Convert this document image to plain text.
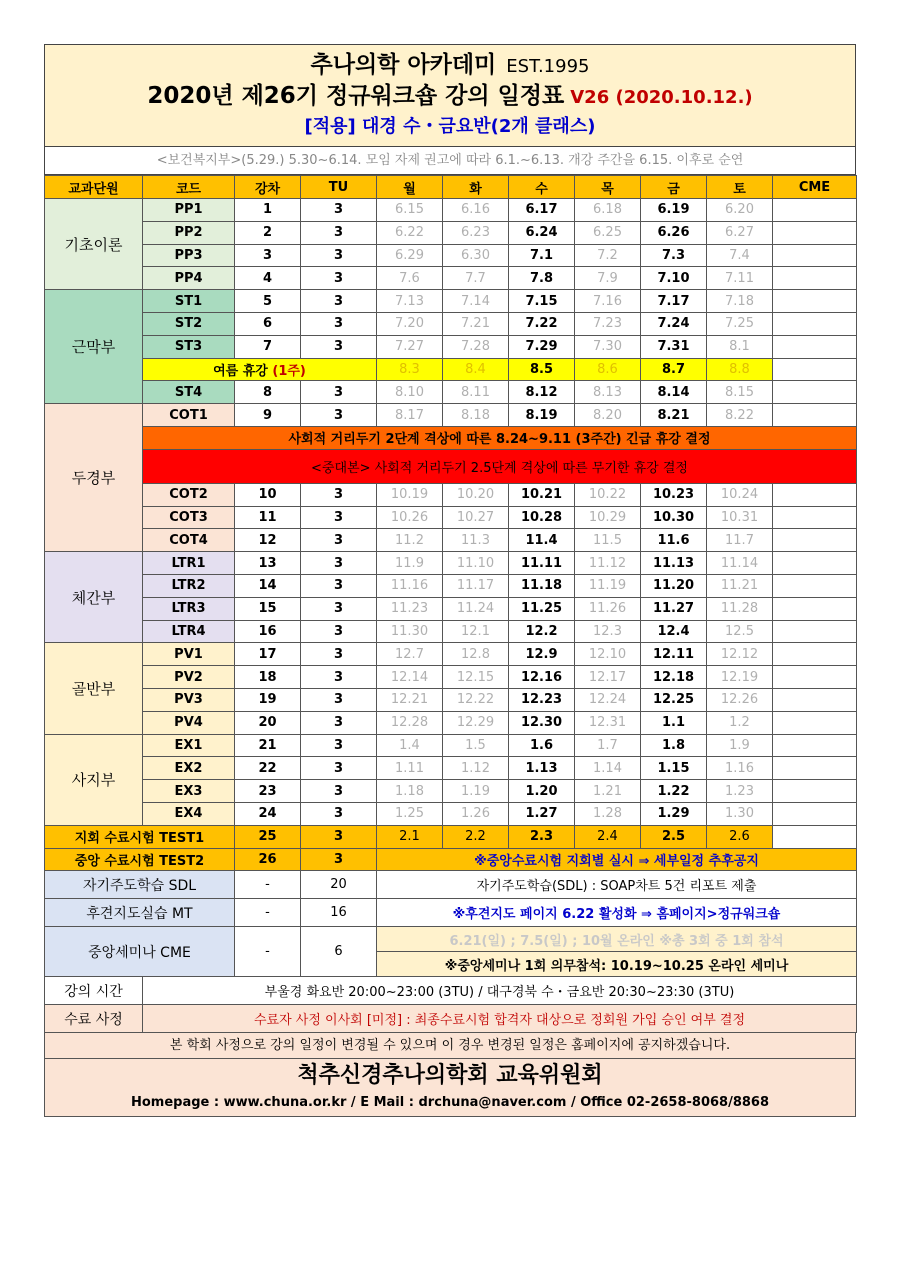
추나의학 아카데미 EST.1995
2020년 제26기 정규워크숍 강의 일정표 V26 (2020.10.12.)
[적용] 대경 수・금요반(2개 클래스)
<보건복지부>(5.29.) 5.30~6.14. 모임 자제 권고에 따라 6.1.~6.13. 개강 주간을 6.15. 이후로 순연
교과단원	코드	강차	TU	월	화	수	목	금	토	CME
기초이론	PP1	1	3	6.15	6.16	6.17	6.18	6.19	6.20	
	PP2	2	3	6.22	6.23	6.24	6.25	6.26	6.27	
	PP3	3	3	6.29	6.30	7.1	7.2	7.3	7.4	
	PP4	4	3	7.6	7.7	7.8	7.9	7.10	7.11	
근막부	ST1	5	3	7.13	7.14	7.15	7.16	7.17	7.18	
	ST2	6	3	7.20	7.21	7.22	7.23	7.24	7.25	
	ST3	7	3	7.27	7.28	7.29	7.30	7.31	8.1	
	여름 휴강 (1주)			8.3	8.4	8.5	8.6	8.7	8.8	
	ST4	8	3	8.10	8.11	8.12	8.13	8.14	8.15	
두경부	COT1	9	3	8.17	8.18	8.19	8.20	8.21	8.22	
	사회적 거리두기 2단계 격상에 따른 8.24~9.11 (3주간) 긴급 휴강 결정									
	<중대본> 사회적 거리두기 2.5단계 격상에 따른 무기한 휴강 결정									
	COT2	10	3	10.19	10.20	10.21	10.22	10.23	10.24	
	COT3	11	3	10.26	10.27	10.28	10.29	10.30	10.31	
	COT4	12	3	11.2	11.3	11.4	11.5	11.6	11.7	
체간부	LTR1	13	3	11.9	11.10	11.11	11.12	11.13	11.14	
	LTR2	14	3	11.16	11.17	11.18	11.19	11.20	11.21	
	LTR3	15	3	11.23	11.24	11.25	11.26	11.27	11.28	
	LTR4	16	3	11.30	12.1	12.2	12.3	12.4	12.5	
골반부	PV1	17	3	12.7	12.8	12.9	12.10	12.11	12.12	
	PV2	18	3	12.14	12.15	12.16	12.17	12.18	12.19	
	PV3	19	3	12.21	12.22	12.23	12.24	12.25	12.26	
	PV4	20	3	12.28	12.29	12.30	12.31	1.1	1.2	
사지부	EX1	21	3	1.4	1.5	1.6	1.7	1.8	1.9	
	EX2	22	3	1.11	1.12	1.13	1.14	1.15	1.16	
	EX3	23	3	1.18	1.19	1.20	1.21	1.22	1.23	
	EX4	24	3	1.25	1.26	1.27	1.28	1.29	1.30	
지회 수료시험 TEST1		25	3	2.1	2.2	2.3	2.4	2.5	2.6	
중앙 수료시험 TEST2		26	3	※중앙수료시험 지회별 실시 ⇒ 세부일정 추후공지						
자기주도학습 SDL		-	20	자기주도학습(SDL) : SOAP차트 5건 리포트 제출						
후견지도실습 MT		-	16	※후견지도 페이지 6.22 활성화 ⇒ 홈페이지>정규워크숍						
중앙세미나 CME		-	6	6.21(일) ; 7.5(일) ; 10월 온라인 ※총 3회 중 1회 참석						
				※중앙세미나 1회 의무참석: 10.19~10.25 온라인 세미나						
강의 시간	부울경 화요반 20:00~23:00 (3TU) / 대구경북 수・금요반 20:30~23:30 (3TU)									
수료 사정	수료자 사정 이사회 [미정] : 최종수료시험 합격자 대상으로 정회원 가입 승인 여부 결정									
본 학회 사정으로 강의 일정이 변경될 수 있으며 이 경우 변경된 일정은 홈페이지에 공지하겠습니다.
척추신경추나의학회 교육위원회
Homepage : www.chuna.or.kr / E Mail : drchuna@naver.com / Office 02-2658-8068/8868
